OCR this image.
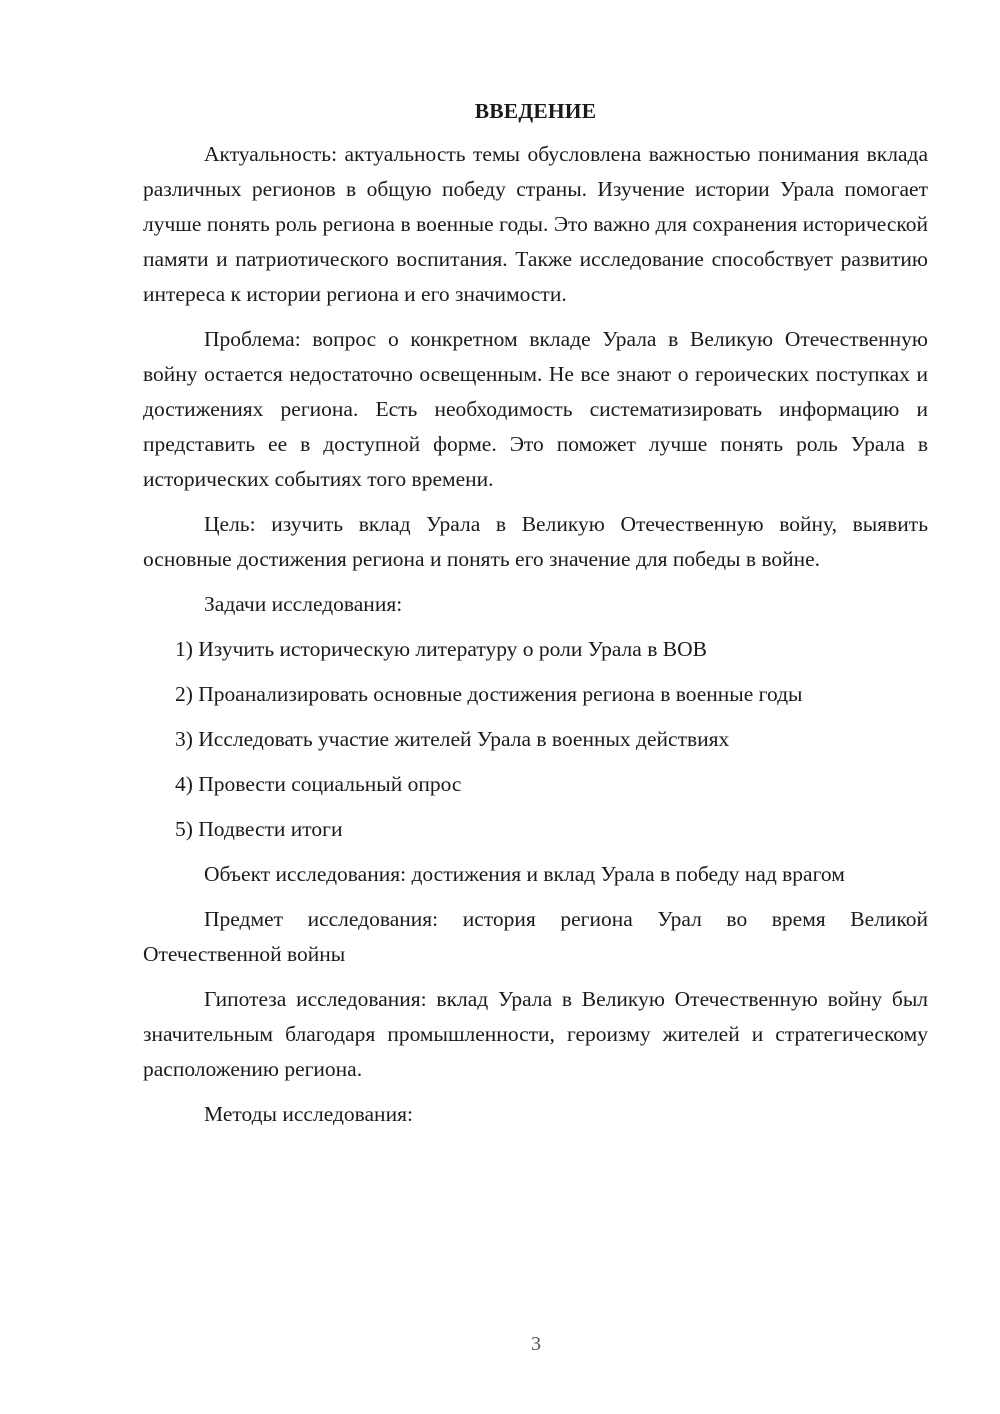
ВВЕДЕНИЕ

Актуальность: актуальность темы обусловлена важностью понимания вклада различных регионов в общую победу страны. Изучение истории Урала помогает лучше понять роль региона в военные годы. Это важно для сохранения исторической памяти и патриотического воспитания. Также исследование способствует развитию интереса к истории региона и его значимости.

Проблема: вопрос о конкретном вкладе Урала в Великую Отечественную войну остается недостаточно освещенным. Не все знают о героических поступках и достижениях региона. Есть необходимость систематизировать информацию и представить ее в доступной форме. Это поможет лучше понять роль Урала в исторических событиях того времени.

Цель: изучить вклад Урала в Великую Отечественную войну, выявить основные достижения региона и понять его значение для победы в войне.

Задачи исследования:

1) Изучить историческую литературу о роли Урала в ВОВ
2) Проанализировать основные достижения региона в военные годы
3) Исследовать участие жителей Урала в военных действиях
4) Провести социальный опрос
5) Подвести итоги

Объект исследования: достижения и вклад Урала в победу над врагом

Предмет исследования: история региона Урал во время Великой Отечественной войны

Гипотеза исследования: вклад Урала в Великую Отечественную войну был значительным благодаря промышленности, героизму жителей и стратегическому расположению региона.

Методы исследования:

3
